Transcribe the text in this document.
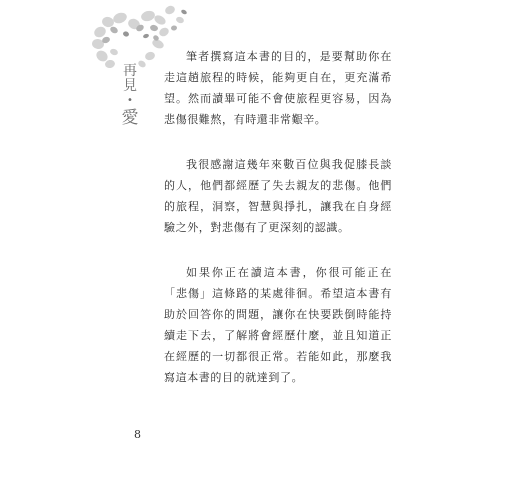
再見
•
愛

筆者撰寫這本書的目的，是要幫助你在走這趟旅程的時候，能夠更自在，更充滿希望。然而讀畢可能不會使旅程更容易，因為悲傷很難熬，有時還非常艱辛。

我很感謝這幾年來數百位與我促膝長談的人，他們都經歷了失去親友的悲傷。他們的旅程，洞察，智慧與掙扎，讓我在自身經驗之外，對悲傷有了更深刻的認識。

如果你正在讀這本書，你很可能正在「悲傷」這條路的某處徘徊。希望這本書有助於回答你的問題，讓你在快要跌倒時能持續走下去，了解將會經歷什麼，並且知道正在經歷的一切都很正常。若能如此，那麼我寫這本書的目的就達到了。

8
